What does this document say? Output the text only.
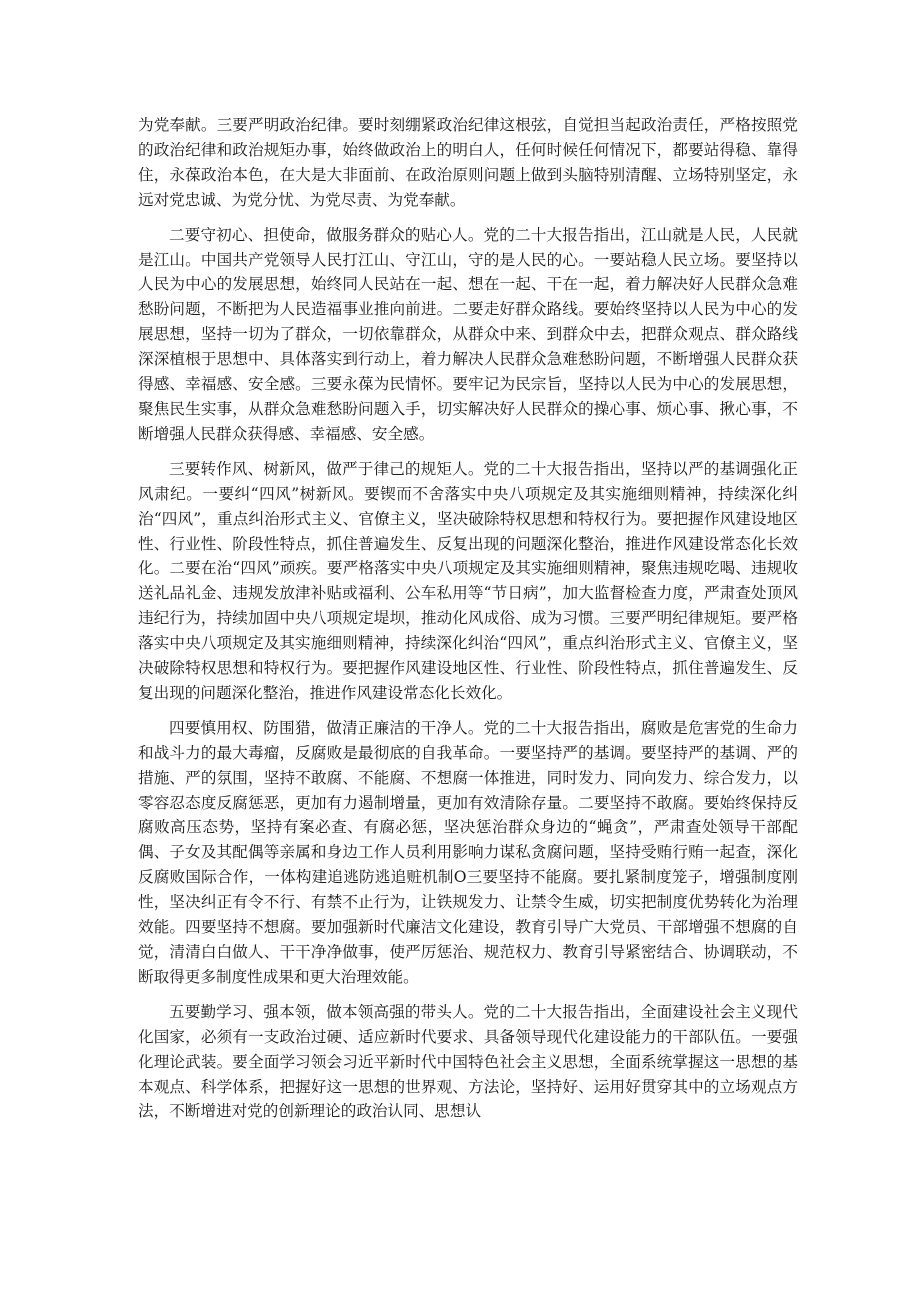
为党奉献。三要严明政治纪律。要时刻绷紧政治纪律这根弦，自觉担当起政治责任，严格按照党的政治纪律和政治规矩办事，始终做政治上的明白人，任何时候任何情况下，都要站得稳、靠得住，永葆政治本色，在大是大非面前、在政治原则问题上做到头脑特别清醒、立场特别坚定，永远对党忠诚、为党分忧、为党尽责、为党奉献。

二要守初心、担使命，做服务群众的贴心人。党的二十大报告指出，江山就是人民，人民就是江山。中国共产党领导人民打江山、守江山，守的是人民的心。一要站稳人民立场。要坚持以人民为中心的发展思想，始终同人民站在一起、想在一起、干在一起，着力解决好人民群众急难愁盼问题，不断把为人民造福事业推向前进。二要走好群众路线。要始终坚持以人民为中心的发展思想，坚持一切为了群众，一切依靠群众，从群众中来、到群众中去，把群众观点、群众路线深深植根于思想中、具体落实到行动上，着力解决人民群众急难愁盼问题，不断增强人民群众获得感、幸福感、安全感。三要永葆为民情怀。要牢记为民宗旨，坚持以人民为中心的发展思想，聚焦民生实事，从群众急难愁盼问题入手，切实解决好人民群众的操心事、烦心事、揪心事，不断增强人民群众获得感、幸福感、安全感。

三要转作风、树新风，做严于律己的规矩人。党的二十大报告指出，坚持以严的基调强化正风肃纪。一要纠“四风”树新风。要锲而不舍落实中央八项规定及其实施细则精神，持续深化纠治“四风”，重点纠治形式主义、官僚主义，坚决破除特权思想和特权行为。要把握作风建设地区性、行业性、阶段性特点，抓住普遍发生、反复出现的问题深化整治，推进作风建设常态化长效化。二要在治“四风”顽疾。要严格落实中央八项规定及其实施细则精神，聚焦违规吃喝、违规收送礼品礼金、违规发放津补贴或福利、公车私用等“节日病”，加大监督检查力度，严肃查处顶风违纪行为，持续加固中央八项规定堤坝，推动化风成俗、成为习惯。三要严明纪律规矩。要严格落实中央八项规定及其实施细则精神，持续深化纠治“四风”，重点纠治形式主义、官僚主义，坚决破除特权思想和特权行为。要把握作风建设地区性、行业性、阶段性特点，抓住普遍发生、反复出现的问题深化整治，推进作风建设常态化长效化。

四要慎用权、防围猎，做清正廉洁的干净人。党的二十大报告指出，腐败是危害党的生命力和战斗力的最大毒瘤，反腐败是最彻底的自我革命。一要坚持严的基调。要坚持严的基调、严的措施、严的氛围，坚持不敢腐、不能腐、不想腐一体推进，同时发力、同向发力、综合发力，以零容忍态度反腐惩恶，更加有力遏制增量，更加有效清除存量。二要坚持不敢腐。要始终保持反腐败高压态势，坚持有案必查、有腐必惩，坚决惩治群众身边的“蝇贪”，严肃查处领导干部配偶、子女及其配偶等亲属和身边工作人员利用影响力谋私贪腐问题，坚持受贿行贿一起查，深化反腐败国际合作，一体构建追逃防逃追赃机制O三要坚持不能腐。要扎紧制度笼子，增强制度刚性，坚决纠正有令不行、有禁不止行为，让铁规发力、让禁令生威，切实把制度优势转化为治理效能。四要坚持不想腐。要加强新时代廉洁文化建设，教育引导广大党员、干部增强不想腐的自觉，清清白白做人、干干净净做事，使严厉惩治、规范权力、教育引导紧密结合、协调联动，不断取得更多制度性成果和更大治理效能。

五要勤学习、强本领，做本领高强的带头人。党的二十大报告指出，全面建设社会主义现代化国家，必须有一支政治过硬、适应新时代要求、具备领导现代化建设能力的干部队伍。一要强化理论武装。要全面学习领会习近平新时代中国特色社会主义思想，全面系统掌握这一思想的基本观点、科学体系，把握好这一思想的世界观、方法论，坚持好、运用好贯穿其中的立场观点方法，不断增进对党的创新理论的政治认同、思想认
